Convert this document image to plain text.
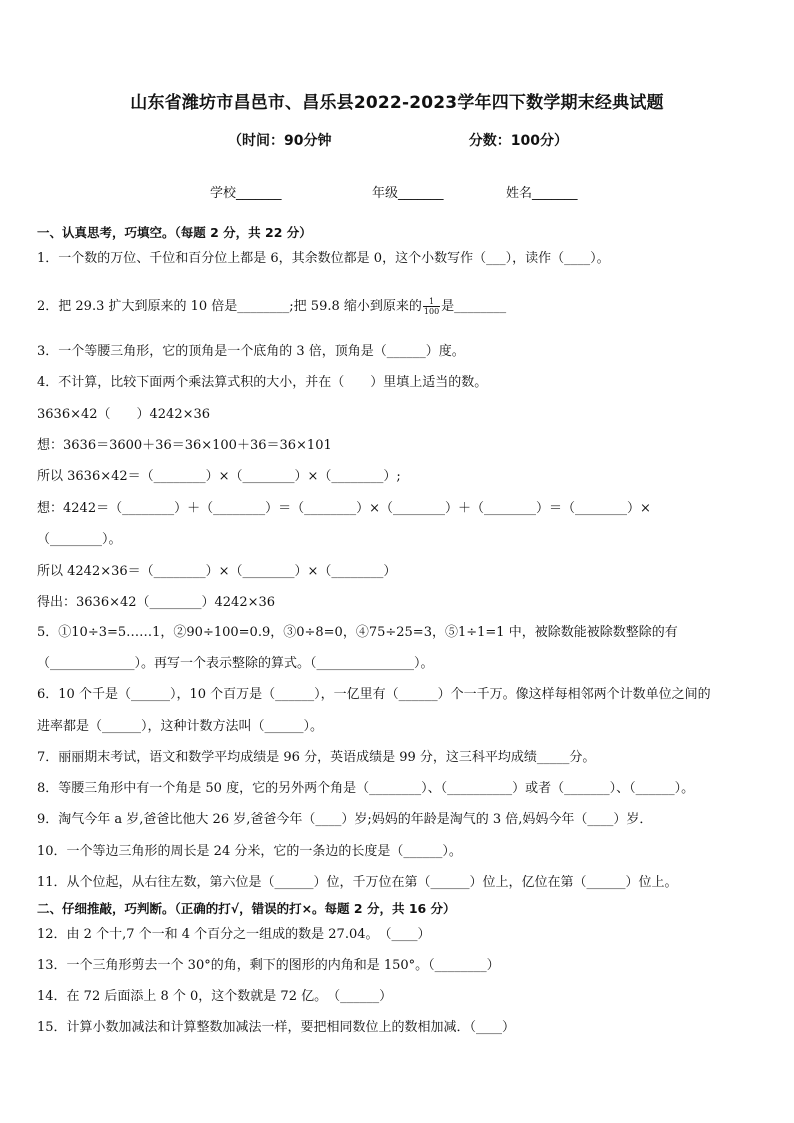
山东省潍坊市昌邑市、昌乐县2022-2023学年四下数学期末经典试题
（时间：90分钟	分数：100分）
学校_______	年级_______	姓名_______
一、认真思考，巧填空。（每题 2 分，共 22 分）
1．一个数的万位、千位和百分位上都是 6，其余数位都是 0，这个小数写作（___），读作（____）。
2．把 29.3 扩大到原来的 10 倍是________;把 59.8 缩小到原来的 $\frac{1}{100}$ 是________
3．一个等腰三角形，它的顶角是一个底角的 3 倍，顶角是（______）度。
4．不计算，比较下面两个乘法算式积的大小，并在（　　）里填上适当的数。
3636×42（　　）4242×36
想：3636＝3600＋36＝36×100＋36＝36×101
所以 3636×42＝（________）×（________）×（________）;
想：4242＝（________）＋（________）＝（________）×（________）＋（________）＝（________）×
（________）。
所以 4242×36＝（________）×（________）×（________）
得出：3636×42（________）4242×36
5．①10÷3=5……1，②90÷100=0.9，③0÷8=0，④75÷25=3，⑤1÷1=1 中，被除数能被除数整除的有
（_____________）。再写一个表示整除的算式。（_______________）。
6．10 个千是（______），10 个百万是（______），一亿里有（______）个一千万。像这样每相邻两个计数单位之间的
进率都是（______），这种计数方法叫（______）。
7．丽丽期末考试，语文和数学平均成绩是 96 分，英语成绩是 99 分，这三科平均成绩_____分。
8．等腰三角形中有一个角是 50 度，它的另外两个角是（________）、（__________）或者（_______）、（______）。
9．淘气今年 a 岁,爸爸比他大 26 岁,爸爸今年（____）岁;妈妈的年龄是淘气的 3 倍,妈妈今年（____）岁．
10．一个等边三角形的周长是 24 分米，它的一条边的长度是（______）。
11．从个位起，从右往左数，第六位是（______）位，千万位在第（______）位上，亿位在第（______）位上。
二、仔细推敲，巧判断。（正确的打√，错误的打×。每题 2 分，共 16 分）
12．由 2 个十,7 个一和 4 个百分之一组成的数是 27.04。　（____）
13．一个三角形剪去一个 30°的角，剩下的图形的内角和是 150°。（________）
14．在 72 后面添上 8 个 0，这个数就是 72 亿。　（______）
15．计算小数加减法和计算整数加减法一样，要把相同数位上的数相加减．（____）
